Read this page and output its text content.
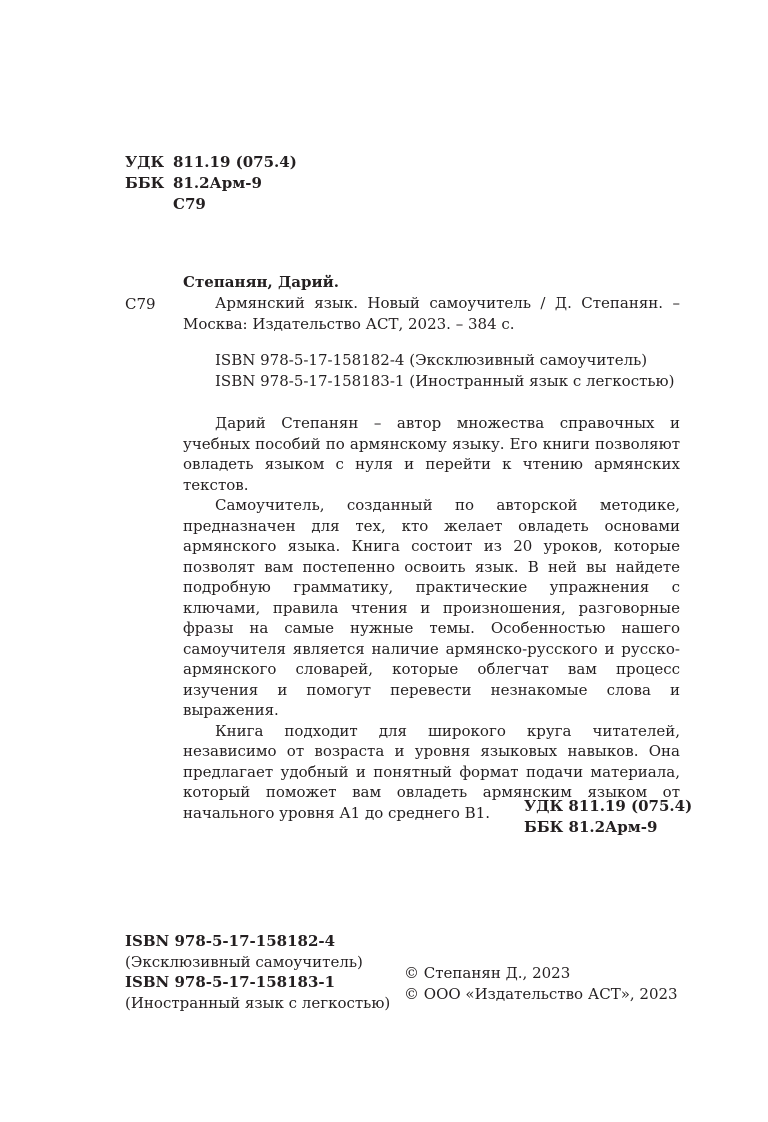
УДК 811.19 (075.4)
ББК 81.2Арм-9
С79
Степанян, Дарий.
С79	Армянский язык. Новый самоучитель / Д. Степанян. – Москва: Издательство АСТ, 2023. – 384 с.

ISBN 978-5-17-158182-4 (Эксклюзивный самоучитель)
ISBN 978-5-17-158183-1 (Иностранный язык с легкостью)

Дарий Степанян – автор множества справочных и учебных пособий по армянскому языку. Его книги позволяют овладеть языком с нуля и перейти к чтению армянских текстов.

Самоучитель, созданный по авторской методике, предназначен для тех, кто желает овладеть основами армянского языка. Книга состоит из 20 уроков, которые позволят вам постепенно освоить язык. В ней вы найдете подробную грамматику, практические упражнения с ключами, правила чтения и произношения, разговорные фразы на самые нужные темы. Особенностью нашего самоучителя является наличие армянско-русского и русско-армянского словарей, которые облегчат вам процесс изучения и помогут перевести незнакомые слова и выражения.

Книга подходит для широкого круга читателей, независимо от возраста и уровня языковых навыков. Она предлагает удобный и понятный формат подачи материала, который поможет вам овладеть армянским языком от начального уровня А1 до среднего В1.	УДК 811.19 (075.4)
ББК 81.2Арм-9
ISBN 978-5-17-158182-4
(Эксклюзивный самоучитель)
ISBN 978-5-17-158183-1
(Иностранный язык с легкостью)
© Степанян Д., 2023
© ООО «Издательство АСТ», 2023
